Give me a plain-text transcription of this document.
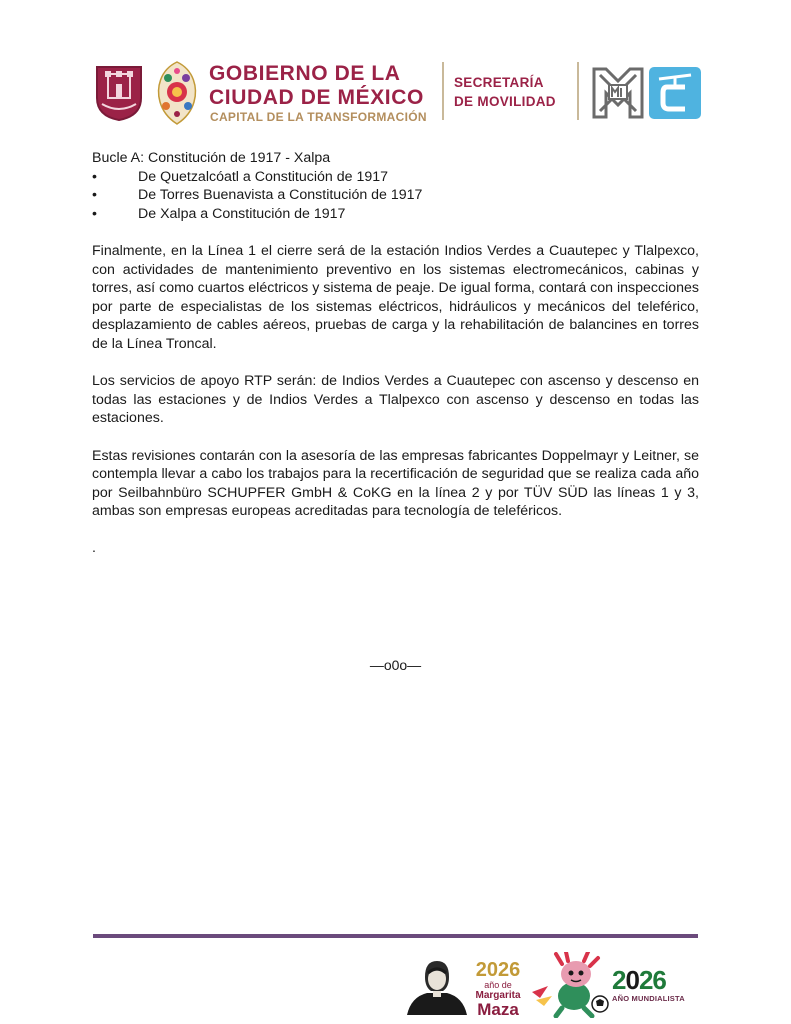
GOBIERNO DE LA
CIUDAD DE MÉXICO
CAPITAL DE LA TRANSFORMACIÓN
SECRETARÍA
DE MOVILIDAD

Bucle A: Constitución de 1917 - Xalpa

•	De Quetzalcóatl a Constitución de 1917
•	De Torres Buenavista a Constitución de 1917
•	De Xalpa a Constitución de 1917

Finalmente, en la Línea 1 el cierre será de la estación Indios Verdes a Cuautepec y Tlalpexco, con actividades de mantenimiento preventivo en los sistemas electromecánicos, cabinas y torres, así como cuartos eléctricos y sistema de peaje. De igual forma, contará con inspecciones por parte de especialistas de los sistemas eléctricos, hidráulicos y mecánicos del teleférico, desplazamiento de cables aéreos, pruebas de carga y la rehabilitación de balancines en torres de la Línea Troncal.

Los servicios de apoyo RTP serán: de Indios Verdes a Cuautepec con ascenso y descenso en todas las estaciones y de Indios Verdes a Tlalpexco con ascenso y descenso en todas las estaciones.

Estas revisiones contarán con la asesoría de las empresas fabricantes Doppelmayr y Leitner, se contempla llevar a cabo los trabajos para la recertificación de seguridad que se realiza cada año por Seilbahnbüro SCHUPFER GmbH & CoKG en la línea 2 y por TÜV SÜD las líneas 1 y 3, ambas son empresas europeas acreditadas para tecnología de teleféricos.

.

—o0o—
2026
año de
Margarita
Maza
2026
AÑO MUNDIALISTA
